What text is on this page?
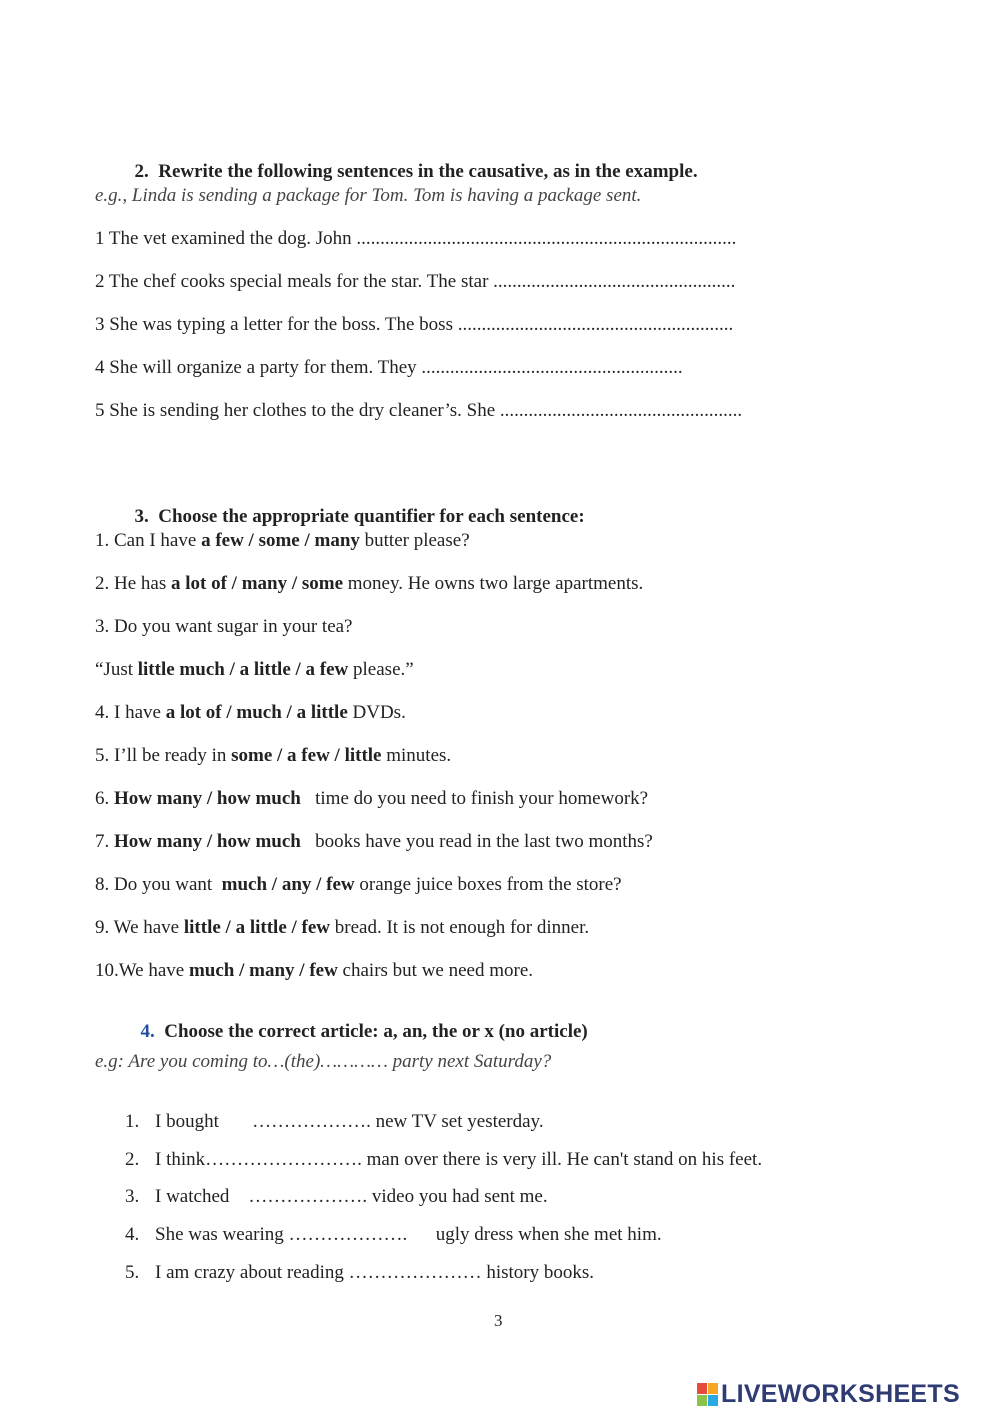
2. Rewrite the following sentences in the causative, as in the example.

e.g., Linda is sending a package for Tom. Tom is having a package sent.
1 The vet examined the dog. John ................................................................................
2 The chef cooks special meals for the star. The star ...................................................
3 She was typing a letter for the boss. The boss ..........................................................
4 She will organize a party for them. They .......................................................
5 She is sending her clothes to the dry cleaner’s. She ...................................................

3. Choose the appropriate quantifier for each sentence:

1. Can I have a few / some / many butter please?
2. He has a lot of / many / some money. He owns two large apartments.
3. Do you want sugar in your tea?
“Just little much / a little / a few please.”
4. I have a lot of / much / a little DVDs.
5. I’ll be ready in some / a few / little minutes.
6. How many / how much   time do you need to finish your homework?
7. How many / how much   books have you read in the last two months?
8. Do you want  much / any / few orange juice boxes from the store?
9. We have little / a little / few bread. It is not enough for dinner.
10.We have much / many / few chairs but we need more.

4. Choose the correct article: a, an, the or x (no article)

e.g: Are you coming to…(the)………… party next Saturday?
1. I bought       ………………. new TV set yesterday.
2. I think……………………. man over there is very ill. He can't stand on his feet.
3. I watched    ………………. video you had sent me.
4. She was wearing ……………….      ugly dress when she met him.
5. I am crazy about reading ………………… history books.
3
LIVEWORKSHEETS
